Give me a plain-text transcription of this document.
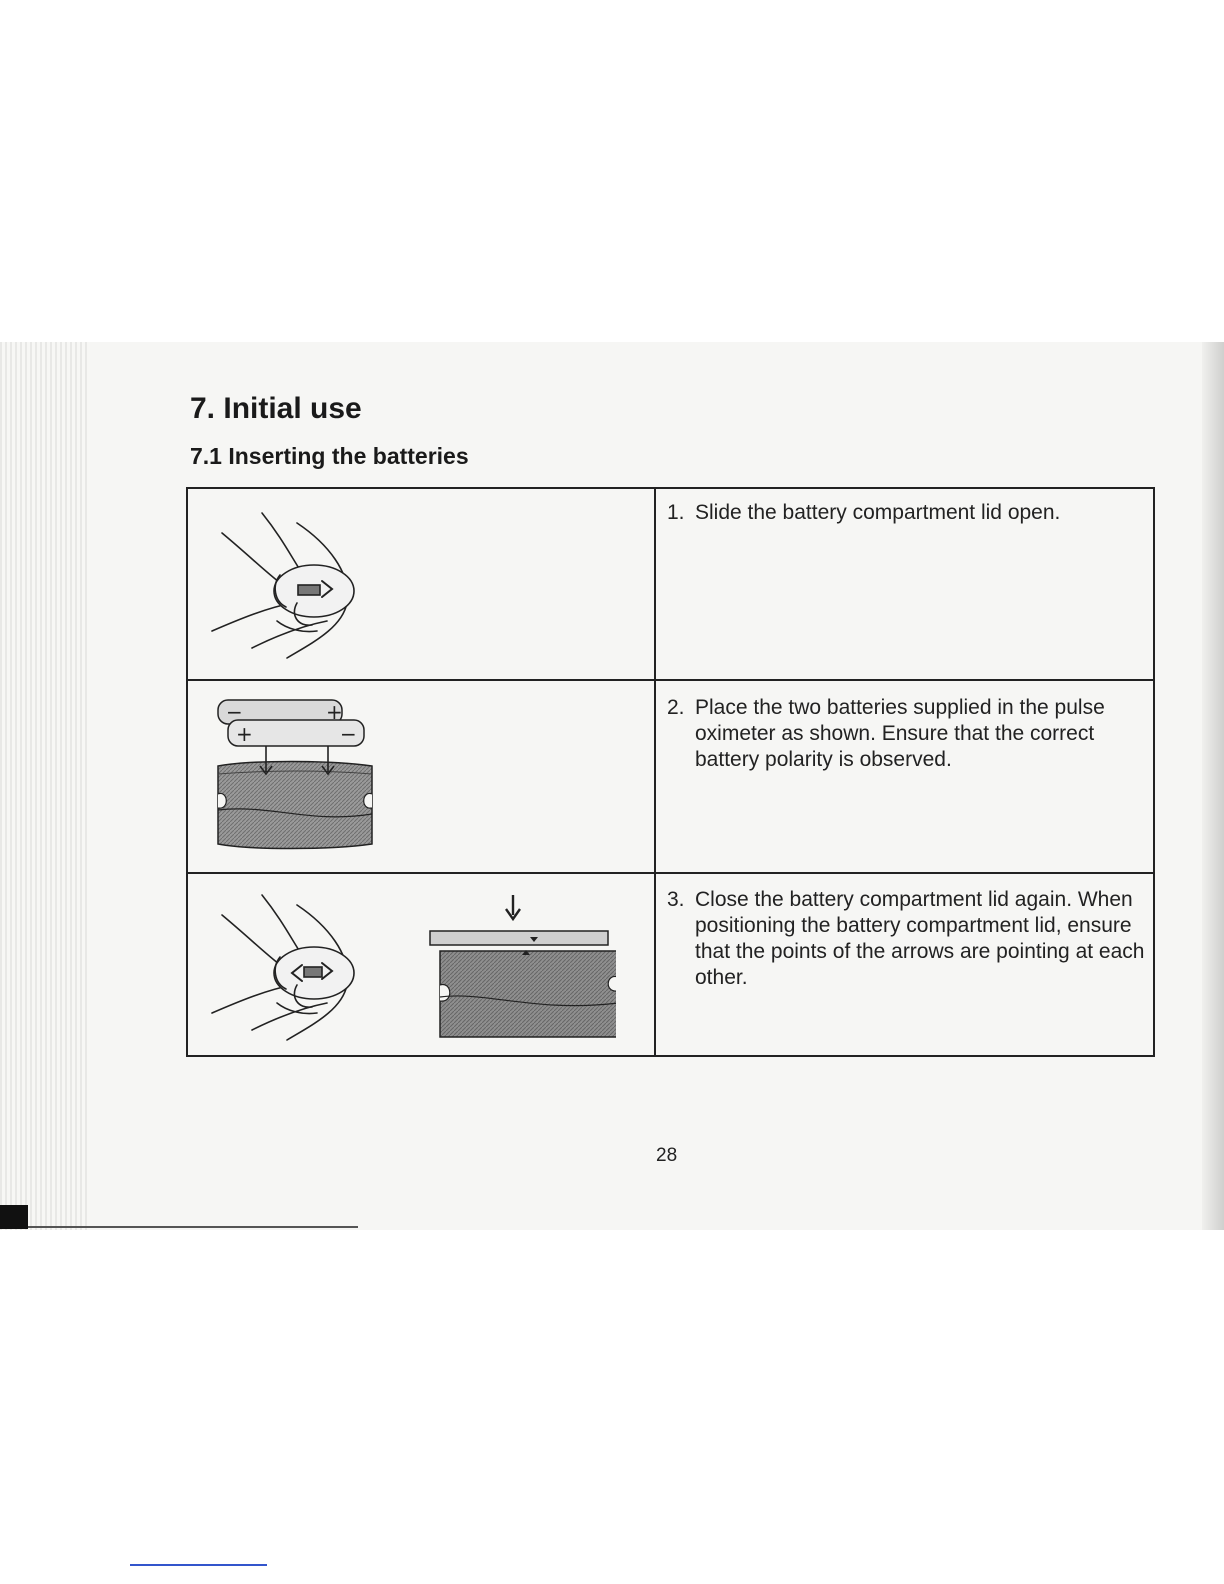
7. Initial use
7.1 Inserting the batteries
−	+
+	−
1. Slide the battery compartment lid open.
2. Place the two batteries supplied in the pulse oximeter as shown. Ensure that the correct battery polarity is observed.
3. Close the battery compartment lid again. When positioning the battery compartment lid, ensure that the points of the arrows are pointing at each other.
28
